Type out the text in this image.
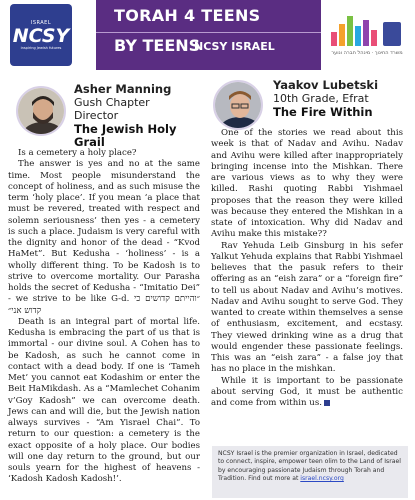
ISRAEL
NCSY
inspiring Jewish futures
TORAH 4 TEENS
BY TEENS
NCSY ISRAEL	משרד החינוך · מינהל חברה ונוער
Asher Manning
Gush Chapter
Director
The Jewish Holy
Grail

Is a cemetery a holy place?

The answer is yes and no at the same time. Most people misunderstand the concept of holiness, and as such misuse the term ‘holy place’. If you mean ‘a place that must be revered, treated with respect and solemn seriousness’ then yes - a cemetery is such a place. Judaism is very careful with the dignity and honor of the dead - “Kvod HaMet”. But Kedusha - ‘holiness’ - is a wholly different thing. To be Kadosh is to strive to overcome mortality. Our Parasha holds the secret of Kedusha - “Imitatio Dei” - we strive to be like G-d. ״והייתם קדושים כי קדוש אני״

Death is an integral part of mortal life. Kedusha is embracing the part of us that is immortal - our divine soul. A Cohen has to be Kadosh, as such he cannot come in contact with a dead body. If one is ‘Tameh Met’ you cannot eat Kodashim or enter the Beit HaMikdash. As a “Mamlechet Cohanim v’Goy Kadosh” we can overcome death. Jews can and will die, but the Jewish nation always survives - “Am Yisrael Chai”. To return to our question: a cemetery is the exact opposite of a holy place. Our bodies will one day return to the ground, but our souls yearn for the highest of heavens - ‘Kadosh Kadosh Kadosh!’.

Yaakov Lubetski
10th Grade, Efrat
The Fire Within

One of the stories we read about this week is that of Nadav and Avihu. Nadav and Avihu were killed after inappropriately bringing incense into the Mishkan. There are various views as to why they were killed. Rashi quoting Rabbi Yishmael proposes that the reason they were killed was because they entered the Mishkan in a state of intoxication. Why did Nadav and Avihu make this mistake??

Rav Yehuda Leib Ginsburg in his sefer Yalkut Yehuda explains that Rabbi Yishmael believes that the pasuk refers to their offering as an “eish zara” or a “foreign fire” to tell us about Nadav and Avihu’s motives. Nadav and Avihu sought to serve God. They wanted to create within themselves a sense of enthusiasm, excitement, and ecstasy. They viewed drinking wine as a drug that would engender these passionate feelings. This was an “eish zara” - a false joy that has no place in the mishkan.

While it is important to be passionate about serving God, it must be authentic and come from within us.

NCSY Israel is the premier organization in Israel, dedicated to connect, inspire, empower teen olim to the Land of Israel by encouraging passionate Judaism through Torah and Tradition. Find out more at israel.ncsy.org
